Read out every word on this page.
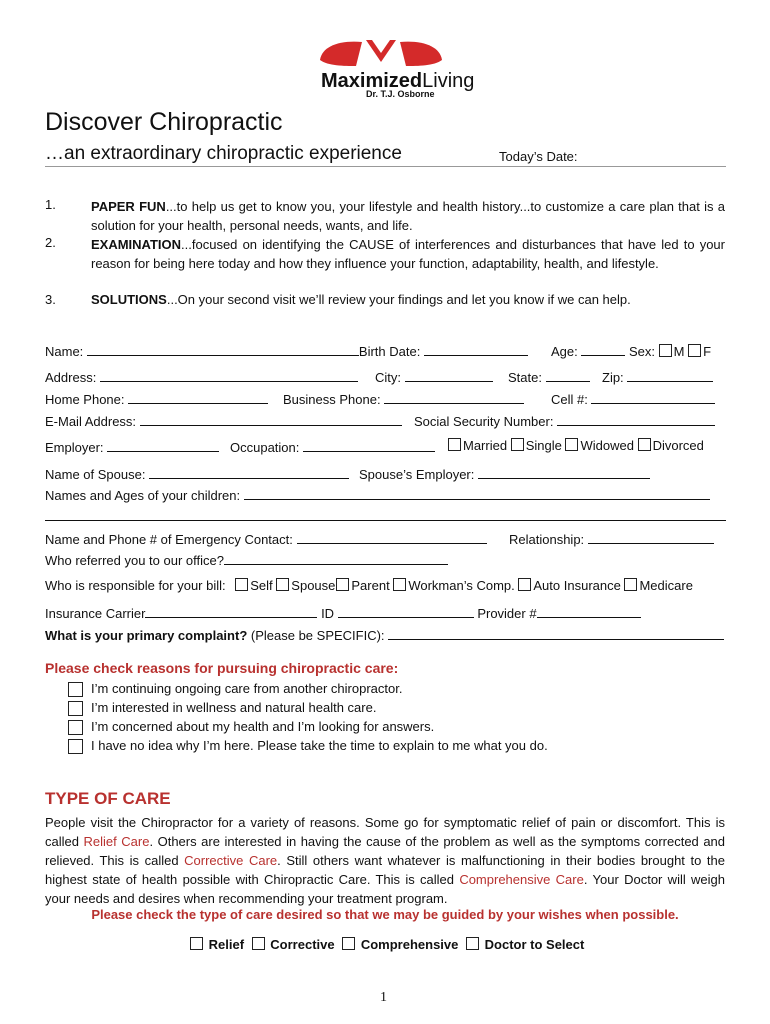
MaximizedLiving
Dr. T.J. Osborne
Discover Chiropractic
…an extraordinary chiropractic experience	Today’s Date:
1.	PAPER FUN...to help us get to know you, your lifestyle and health history...to customize a care plan that is a solution for your health, personal needs, wants, and life.
2.	EXAMINATION...focused on identifying the CAUSE of interferences and disturbances that have led to your reason for being here today and how they influence your function, adaptability, health, and lifestyle.
3.	SOLUTIONS...On your second visit we’ll review your findings and let you know if we can help.
Name:	Birth Date:	Age:	Sex: M F
Address:	City:	State:	Zip:
Home Phone:	Business Phone:	Cell #:
E-Mail Address:	Social Security Number:
Employer:	Occupation:	Married Single Widowed Divorced
Name of Spouse:	Spouse’s Employer:
Names and Ages of your children:
Name and Phone # of Emergency Contact:	Relationship:
Who referred you to our office?
Who is responsible for your bill: Self Spouse Parent Workman’s Comp. Auto Insurance Medicare
Insurance Carrier	ID	Provider #
What is your primary complaint? (Please be SPECIFIC):
Please check reasons for pursuing chiropractic care:
I’m continuing ongoing care from another chiropractor.
I’m interested in wellness and natural health care.
I’m concerned about my health and I’m looking for answers.
I have no idea why I’m here. Please take the time to explain to me what you do.
TYPE OF CARE
People visit the Chiropractor for a variety of reasons. Some go for symptomatic relief of pain or discomfort. This is called Relief Care. Others are interested in having the cause of the problem as well as the symptoms corrected and relieved. This is called Corrective Care. Still others want whatever is malfunctioning in their bodies brought to the highest state of health possible with Chiropractic Care. This is called Comprehensive Care. Your Doctor will weigh your needs and desires when recommending your treatment program.
Please check the type of care desired so that we may be guided by your wishes when possible.
Relief Corrective Comprehensive Doctor to Select
1
